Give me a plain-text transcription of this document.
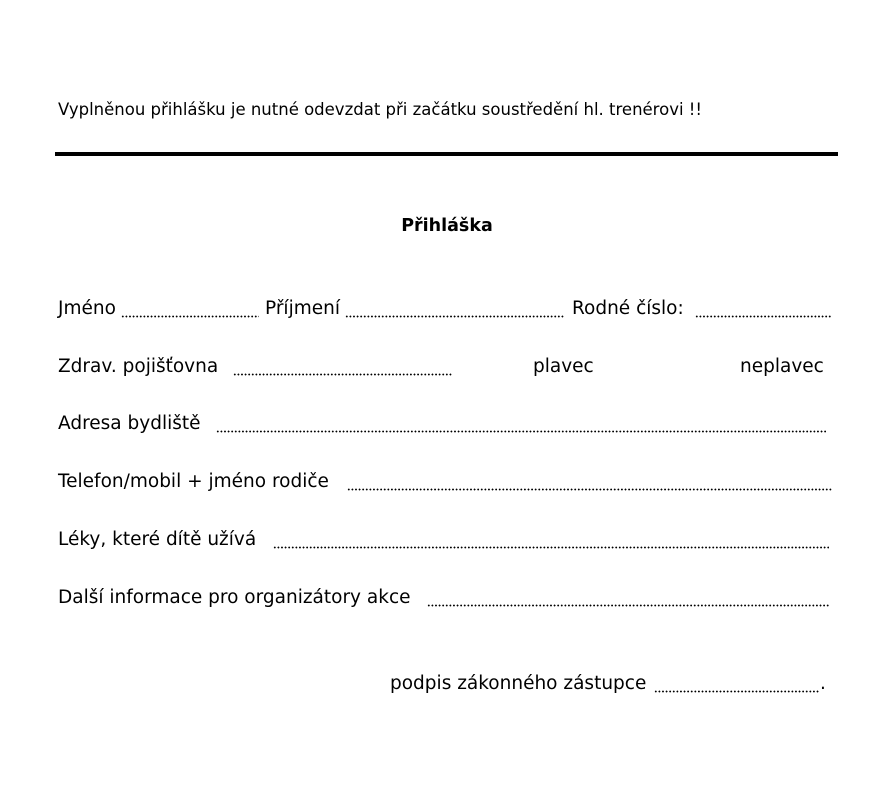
Vyplněnou přihlášku je nutné odevzdat při začátku soustředění hl. trenérovi !!
Přihláška
Jméno	Příjmení	Rodné číslo:
Zdrav. pojišťovna	plavec	neplavec
Adresa bydliště
Telefon/mobil + jméno rodiče
Léky, které dítě užívá
Další informace pro organizátory akce
podpis zákonného zástupce	.
